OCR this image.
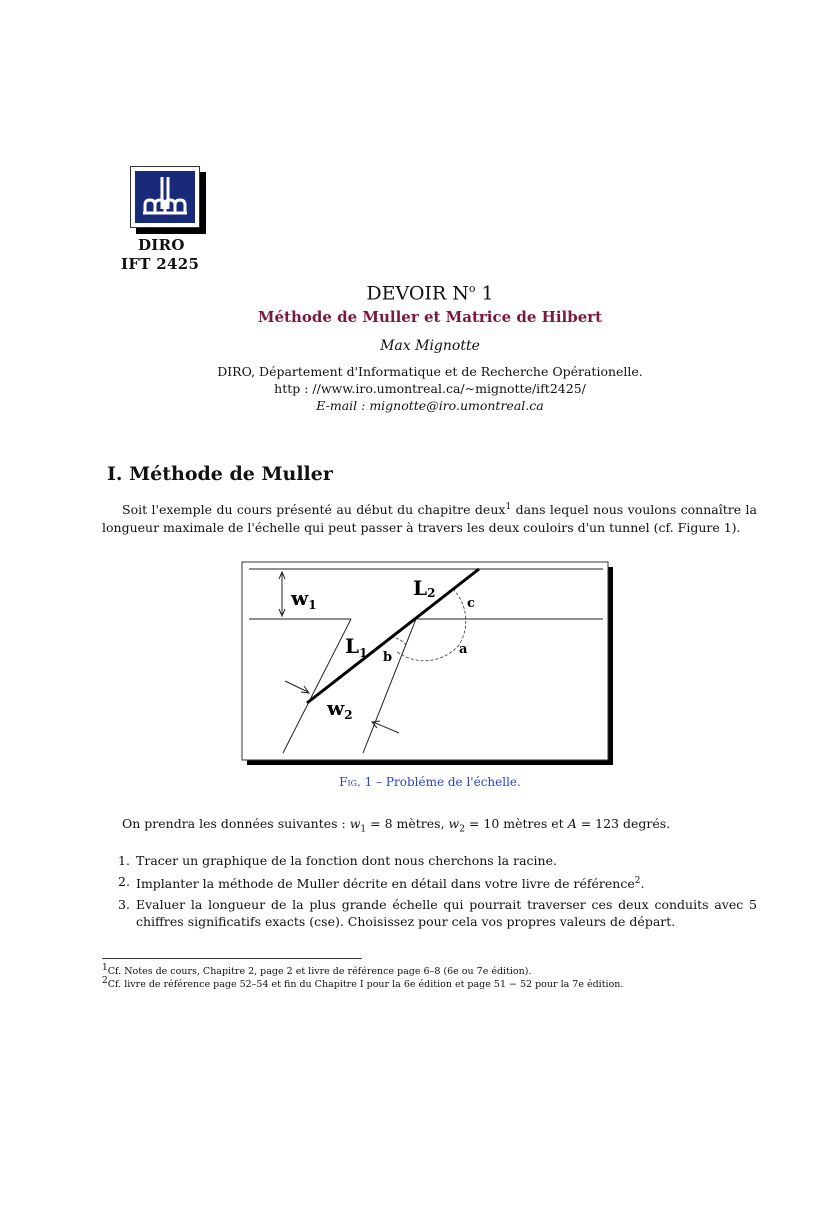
DIRO
IFT 2425
DEVOIR $N^o$ 1
Méthode de Muller et Matrice de Hilbert
Max Mignotte
DIRO, Département d'Informatique et de Recherche Opérationelle.
http : //www.iro.umontreal.ca/∼mignotte/ift2425/
E-mail : mignotte@iro.umontreal.ca
I. Méthode de Muller
Soit l'exemple du cours présenté au début du chapitre deux$^1$ dans lequel nous voulons connaître la longueur maximale de l'échelle qui peut passer à travers les deux couloirs d'un tunnel (cf. Figure 1).
$w_1$
$w_2$
$L_1$
L2
a
b
c
Fig. 1 – Probléme de l'échelle.
On prendra les données suivantes : $w_1 = 8$ mètres, $w_2 = 10$ mètres et A = 123 degrés.
1. Tracer un graphique de la fonction dont nous cherchons la racine.
2. Implanter la méthode de Muller décrite en détail dans votre livre de référence$^2$.
3. Evaluer la longueur de la plus grande échelle qui pourrait traverser ces deux conduits avec 5 chiffres significatifs exacts (cse). Choisissez pour cela vos propres valeurs de départ.
$^1$Cf. Notes de cours, Chapitre 2, page 2 et livre de référence page 6–8 (6e ou 7e édition).
$^2$Cf. livre de référence page 52–54 et fin du Chapitre I pour la 6e édition et page 51 − 52 pour la 7e édition.
